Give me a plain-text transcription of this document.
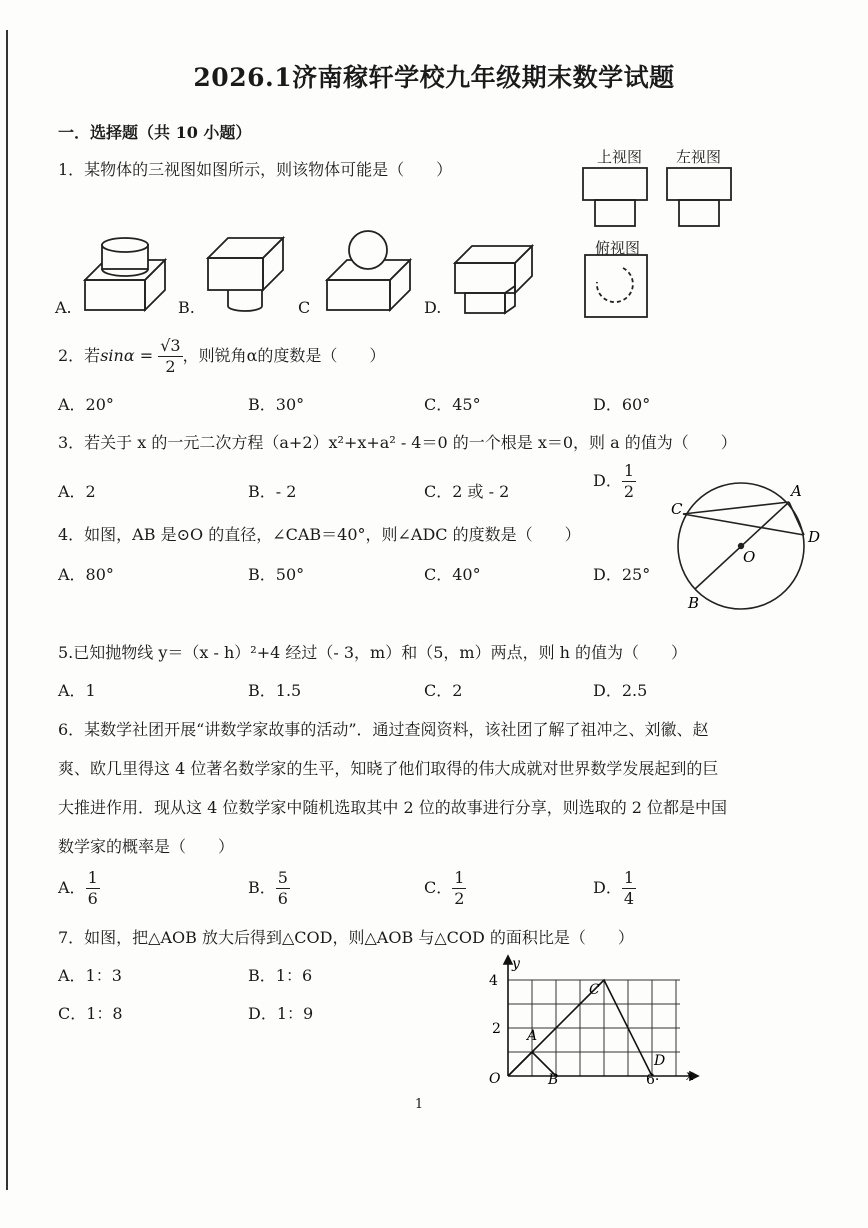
2026.1济南稼轩学校九年级期末数学试题
一．选择题（共 10 小题）
1．某物体的三视图如图所示，则该物体可能是（　　）
上视图 左视图
俯视图
A.	B.	C	D.
2．若$\sin\alpha = \frac{√3}{2}$ ，则锐角α的度数是（　　）
A．20°	B．30°	C．45°	D．60°
3．若关于 x 的一元二次方程（a+2）x²+x+a² - 4＝0 的一个根是 x＝0，则 a 的值为（　　）
A．2	B．- 2	C．2 或 - 2
D． $\frac{1}{2}$
4．如图，AB 是⊙O 的直径，∠CAB＝40°，则∠ADC 的度数是（　　）
A．80°	B．50°	C．40°	D．25°
C
A
D
O
B
5.已知抛物线 y＝（x - h）²+4 经过（- 3，m）和（5，m）两点，则 h 的值为（　　）
A．1	B．1.5	C．2	D．2.5
6．某数学社团开展“讲数学家故事的活动”．通过查阅资料，该社团了解了祖冲之、刘徽、赵
爽、欧几里得这 4 位著名数学家的生平，知晓了他们取得的伟大成就对世界数学发展起到的巨
大推进作用．现从这 4 位数学家中随机选取其中 2 位的故事进行分享，则选取的 2 位都是中国
数学家的概率是（　　）
A． $\frac{1}{6}$	B． $\frac{5}{6}$	C． $\frac{1}{2}$	D． $\frac{1}{4}$
7．如图，把△AOB 放大后得到△COD，则△AOB 与△COD 的面积比是（　　）
A．1：3	B．1：6
C．1：8	D．1：9
y
x
4
2
O
A
B
C
D
6·
1
